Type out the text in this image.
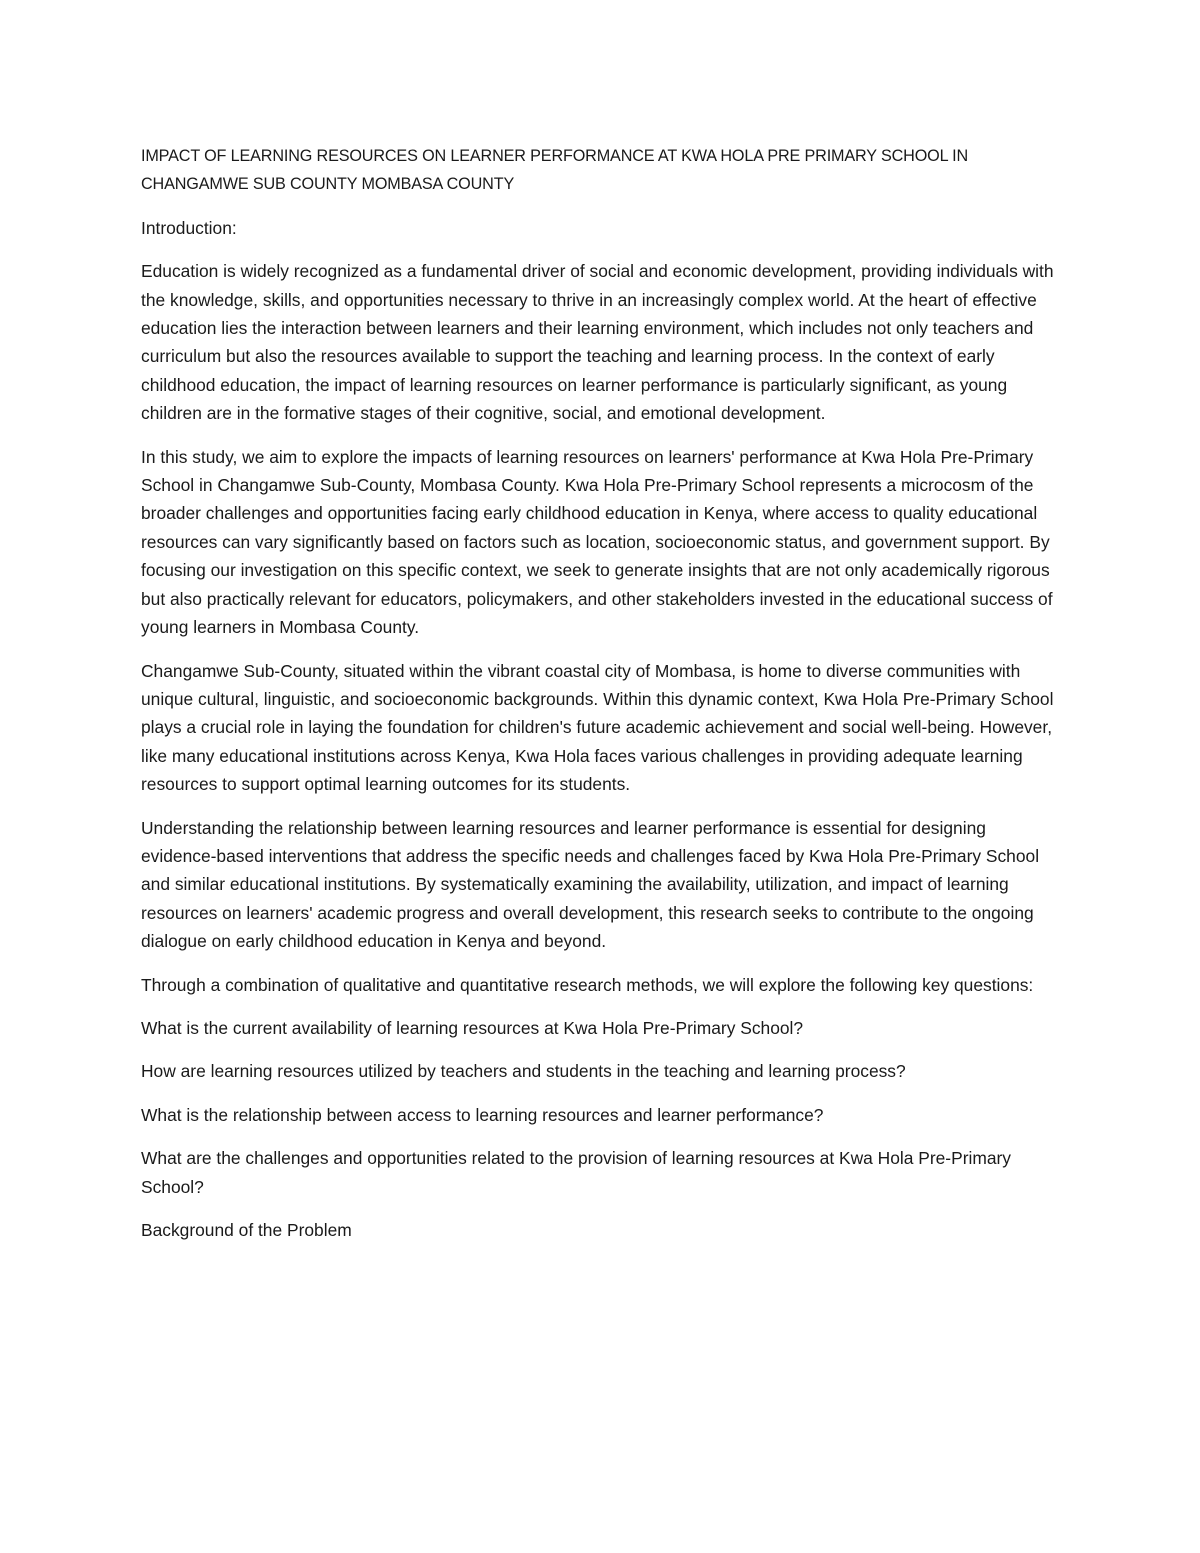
IMPACT OF LEARNING RESOURCES ON LEARNER PERFORMANCE AT KWA HOLA PRE PRIMARY SCHOOL IN CHANGAMWE SUB COUNTY MOMBASA COUNTY

Introduction:

Education is widely recognized as a fundamental driver of social and economic development, providing individuals with the knowledge, skills, and opportunities necessary to thrive in an increasingly complex world. At the heart of effective education lies the interaction between learners and their learning environment, which includes not only teachers and curriculum but also the resources available to support the teaching and learning process. In the context of early childhood education, the impact of learning resources on learner performance is particularly significant, as young children are in the formative stages of their cognitive, social, and emotional development.

In this study, we aim to explore the impacts of learning resources on learners' performance at Kwa Hola Pre-Primary School in Changamwe Sub-County, Mombasa County. Kwa Hola Pre-Primary School represents a microcosm of the broader challenges and opportunities facing early childhood education in Kenya, where access to quality educational resources can vary significantly based on factors such as location, socioeconomic status, and government support. By focusing our investigation on this specific context, we seek to generate insights that are not only academically rigorous but also practically relevant for educators, policymakers, and other stakeholders invested in the educational success of young learners in Mombasa County.

Changamwe Sub-County, situated within the vibrant coastal city of Mombasa, is home to diverse communities with unique cultural, linguistic, and socioeconomic backgrounds. Within this dynamic context, Kwa Hola Pre-Primary School plays a crucial role in laying the foundation for children's future academic achievement and social well-being. However, like many educational institutions across Kenya, Kwa Hola faces various challenges in providing adequate learning resources to support optimal learning outcomes for its students.

Understanding the relationship between learning resources and learner performance is essential for designing evidence-based interventions that address the specific needs and challenges faced by Kwa Hola Pre-Primary School and similar educational institutions. By systematically examining the availability, utilization, and impact of learning resources on learners' academic progress and overall development, this research seeks to contribute to the ongoing dialogue on early childhood education in Kenya and beyond.

Through a combination of qualitative and quantitative research methods, we will explore the following key questions:

What is the current availability of learning resources at Kwa Hola Pre-Primary School?

How are learning resources utilized by teachers and students in the teaching and learning process?

What is the relationship between access to learning resources and learner performance?

What are the challenges and opportunities related to the provision of learning resources at Kwa Hola Pre-Primary School?

Background of the Problem
